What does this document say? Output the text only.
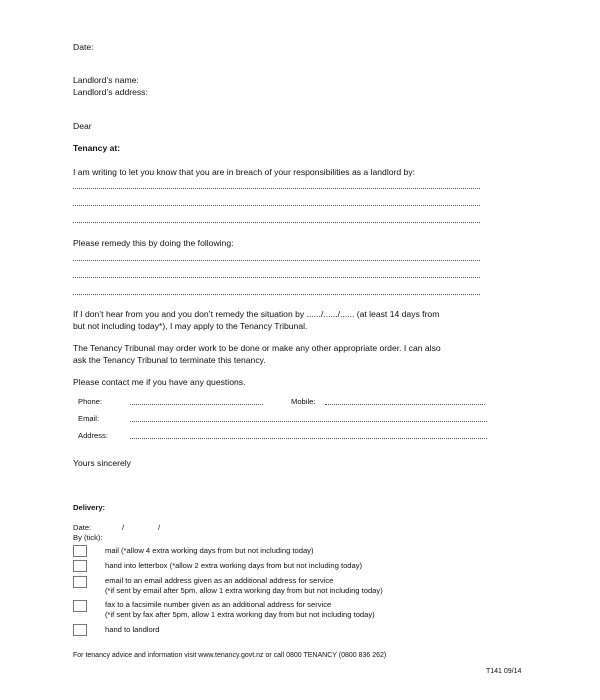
Date:
Landlord’s name:
Landlord’s address:
Dear
Tenancy at:
I am writing to let you know that you are in breach of your responsibilities as a landlord by:
Please remedy this by doing the following:
If I don’t hear from you and you don’t remedy the situation by ....../....../...... (at least 14 days from
but not including today*), I may apply to the Tenancy Tribunal.
The Tenancy Tribunal may order work to be done or make any other appropriate order. I can also
ask the Tenancy Tribunal to terminate this tenancy.
Please contact me if you have any questions.
Phone:	Mobile:
Email:
Address:
Yours sincerely
Delivery:
Date:	/	/
By (tick):
mail (*allow 4 extra working days from but not including today)
hand into letterbox (*allow 2 extra working days from but not including today)
email to an email address given as an additional address for service
(*if sent by email after 5pm, allow 1 extra working day from but not including today)
fax to a facsimile number given as an additional address for service
(*if sent by fax after 5pm, allow 1 extra working day from but not including today)
hand to landlord
For tenancy advice and information visit www.tenancy.govt.nz or call 0800 TENANCY (0800 836 262)
T141 09/14
